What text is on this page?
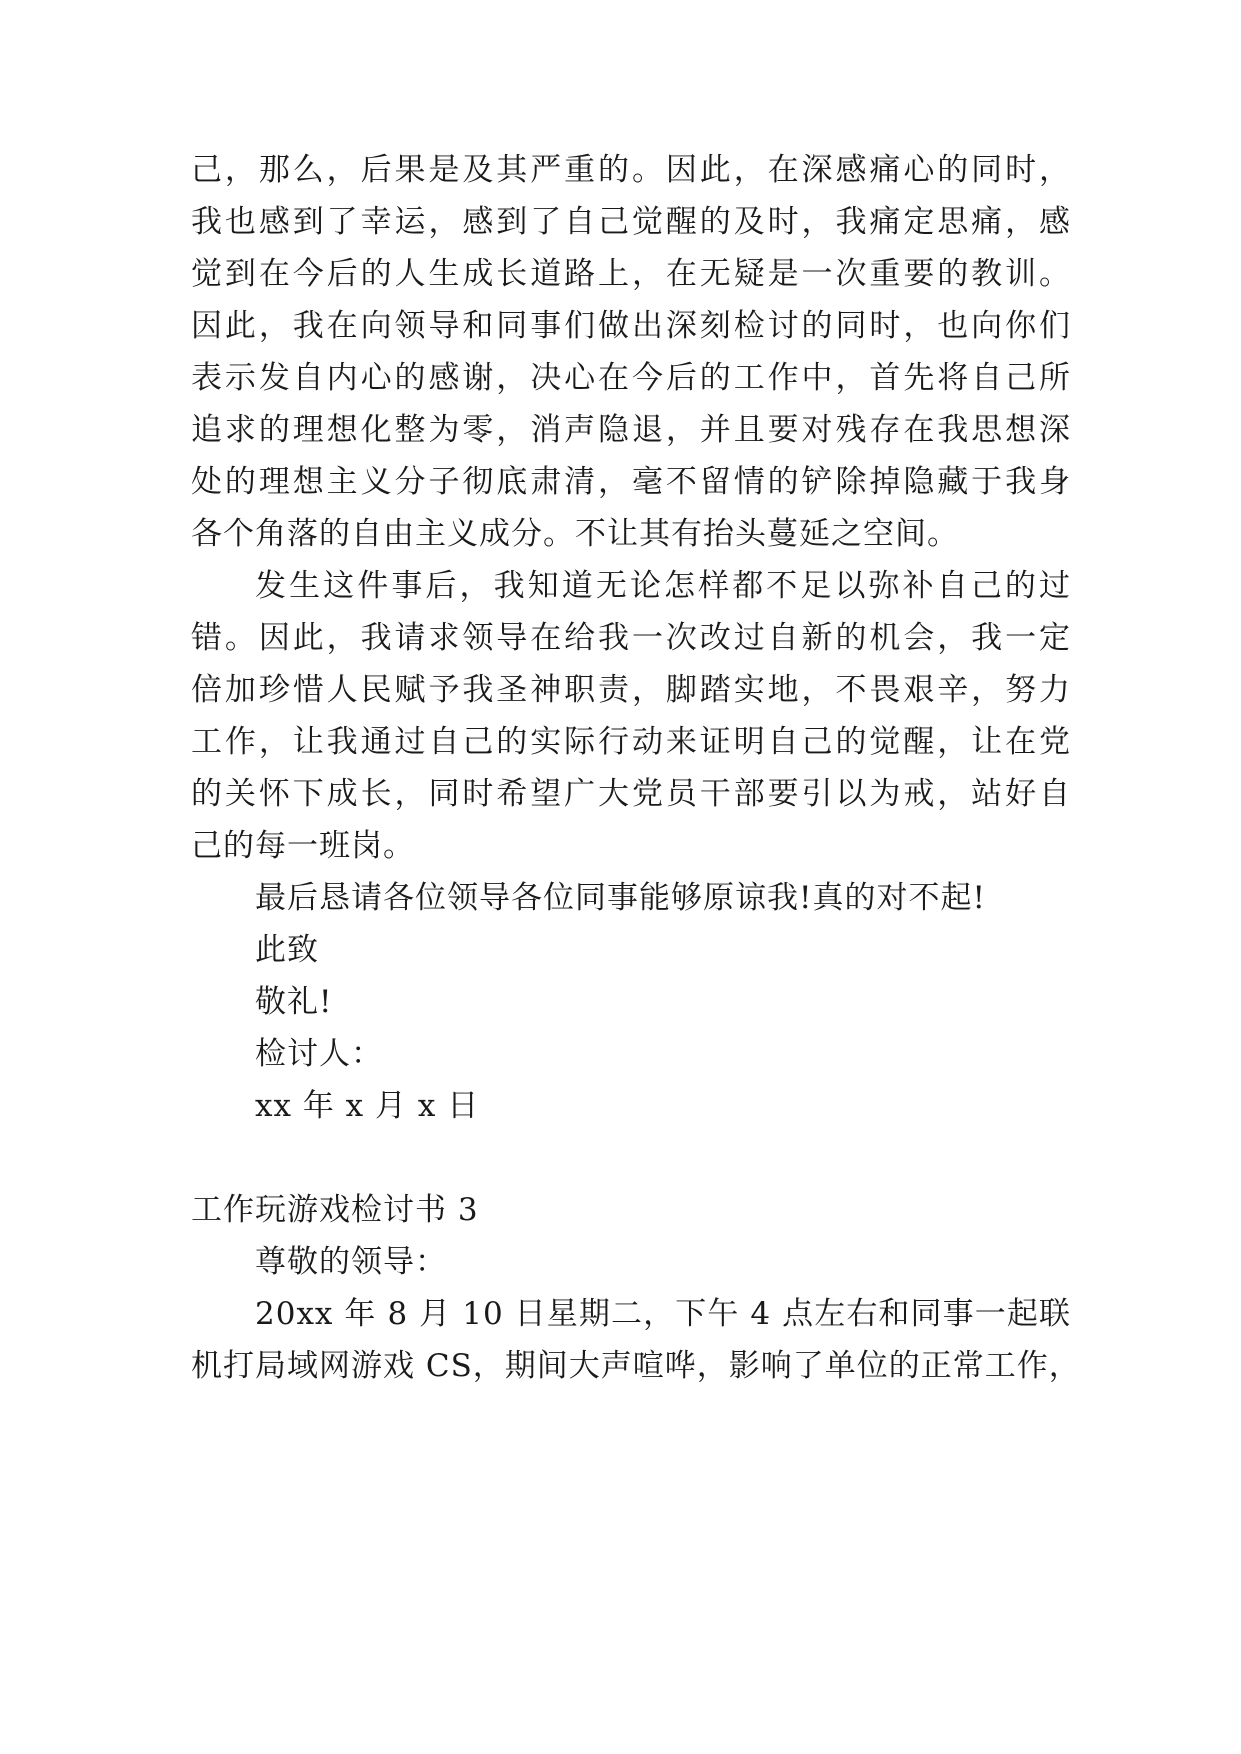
己，那么，后果是及其严重的。因此，在深感痛心的同时，
我也感到了幸运，感到了自己觉醒的及时，我痛定思痛，感
觉到在今后的人生成长道路上，在无疑是一次重要的教训。
因此，我在向领导和同事们做出深刻检讨的同时，也向你们
表示发自内心的感谢，决心在今后的工作中，首先将自己所
追求的理想化整为零，消声隐退，并且要对残存在我思想深
处的理想主义分子彻底肃清，毫不留情的铲除掉隐藏于我身
各个角落的自由主义成分。不让其有抬头蔓延之空间。
发生这件事后，我知道无论怎样都不足以弥补自己的过
错。因此，我请求领导在给我一次改过自新的机会，我一定
倍加珍惜人民赋予我圣神职责，脚踏实地，不畏艰辛，努力
工作，让我通过自己的实际行动来证明自己的觉醒，让在党
的关怀下成长，同时希望广大党员干部要引以为戒，站好自
己的每一班岗。
最后恳请各位领导各位同事能够原谅我!真的对不起!
此致
敬礼!
检讨人：
xx 年 x 月 x 日
工作玩游戏检讨书 3
尊敬的领导：
20xx 年 8 月 10 日星期二，下午 4 点左右和同事一起联
机打局域网游戏 CS，期间大声喧哗，影响了单位的正常工作，
